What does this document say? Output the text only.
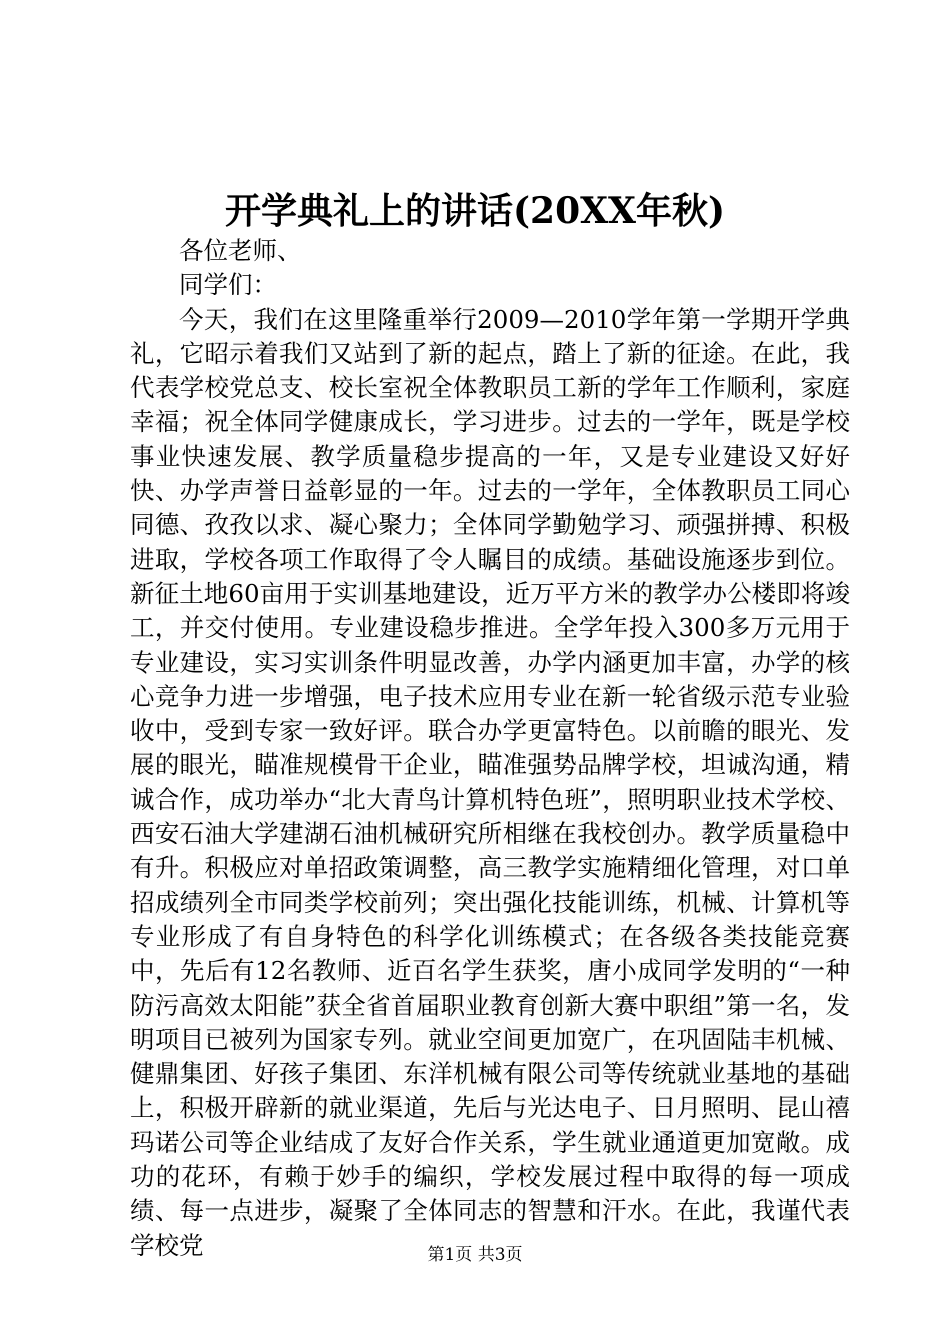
开学典礼上的讲话(20XX年秋)

各位老师、

同学们：

今天，我们在这里隆重举行2009—2010学年第一学期开学典礼，它昭示着我们又站到了新的起点，踏上了新的征途。在此，我代表学校党总支、校长室祝全体教职员工新的学年工作顺利，家庭幸福；祝全体同学健康成长，学习进步。过去的一学年，既是学校事业快速发展、教学质量稳步提高的一年，又是专业建设又好好快、办学声誉日益彰显的一年。过去的一学年，全体教职员工同心同德、孜孜以求、凝心聚力；全体同学勤勉学习、顽强拼搏、积极进取，学校各项工作取得了令人瞩目的成绩。基础设施逐步到位。新征土地60亩用于实训基地建设，近万平方米的教学办公楼即将竣工，并交付使用。专业建设稳步推进。全学年投入300多万元用于专业建设，实习实训条件明显改善，办学内涵更加丰富，办学的核心竞争力进一步增强，电子技术应用专业在新一轮省级示范专业验收中，受到专家一致好评。联合办学更富特色。以前瞻的眼光、发展的眼光，瞄准规模骨干企业，瞄准强势品牌学校，坦诚沟通，精诚合作，成功举办“北大青鸟计算机特色班”，照明职业技术学校、西安石油大学建湖石油机械研究所相继在我校创办。教学质量稳中有升。积极应对单招政策调整，高三教学实施精细化管理，对口单招成绩列全市同类学校前列；突出强化技能训练，机械、计算机等专业形成了有自身特色的科学化训练模式；在各级各类技能竞赛中，先后有12名教师、近百名学生获奖，唐小成同学发明的“一种防污高效太阳能”获全省首届职业教育创新大赛中职组”第一名，发明项目已被列为国家专列。就业空间更加宽广，在巩固陆丰机械、健鼎集团、好孩子集团、东洋机械有限公司等传统就业基地的基础上，积极开辟新的就业渠道，先后与光达电子、日月照明、昆山禧玛诺公司等企业结成了友好合作关系，学生就业通道更加宽敞。成功的花环，有赖于妙手的编织，学校发展过程中取得的每一项成绩、每一点进步，凝聚了全体同志的智慧和汗水。在此，我谨代表学校党	第1页 共3页
